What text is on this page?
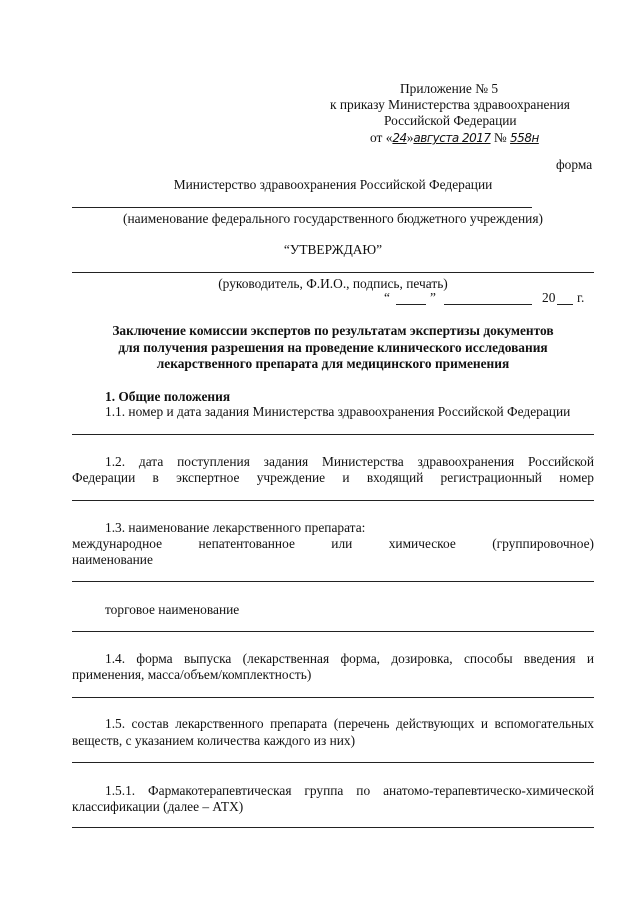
Приложение № 5
к приказу Министерства здравоохранения
Российской Федерации
от «24»августа 2017 № 558н
форма
Министерство здравоохранения Российской Федерации
(наименование федерального государственного бюджетного учреждения)
“УТВЕРЖДАЮ”
(руководитель, Ф.И.О., подпись, печать)
“	”	20 г.
Заключение комиссии экспертов по результатам экспертизы документов
для получения разрешения на проведение клинического исследования
лекарственного препарата для медицинского применения
1. Общие положения
1.1. номер и дата задания Министерства здравоохранения Российской Федерации
1.2. дата поступления задания Министерства здравоохранения Российской
Федерации в экспертное учреждение и входящий регистрационный номер
1.3. наименование лекарственного препарата:
международное непатентованное или химическое (группировочное)
наименование
торговое наименование
1.4. форма выпуска (лекарственная форма, дозировка, способы введения и
применения, масса/объем/комплектность)
1.5. состав лекарственного препарата (перечень действующих и вспомогательных
веществ, с указанием количества каждого из них)
1.5.1. Фармакотерапевтическая группа по анатомо-терапевтическо-химической
классификации (далее – АТХ)
